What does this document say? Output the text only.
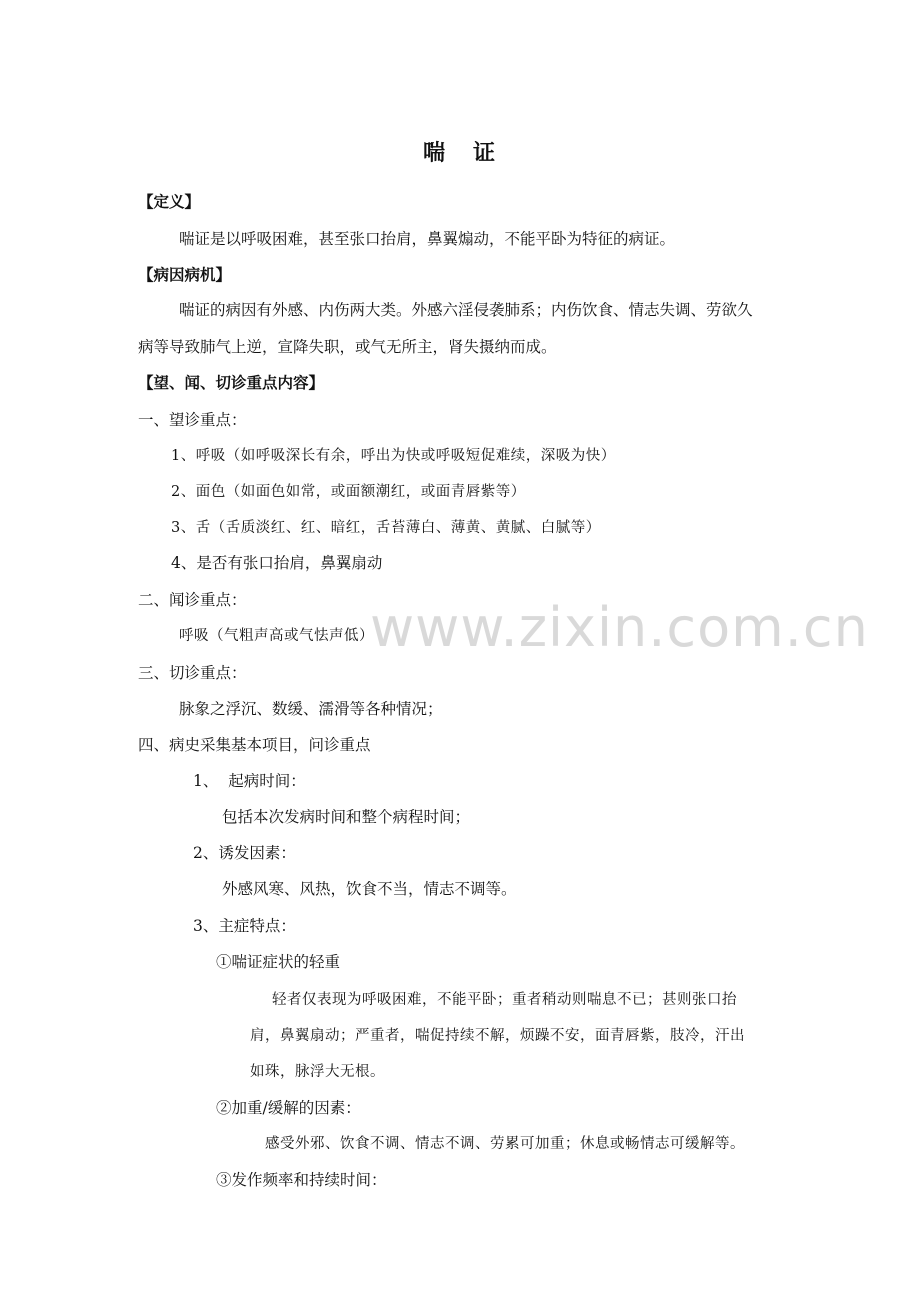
喘 证
【定义】
喘证是以呼吸困难，甚至张口抬肩，鼻翼煽动，不能平卧为特征的病证。
【病因病机】
喘证的病因有外感、内伤两大类。外感六淫侵袭肺系；内伤饮食、情志失调、劳欲久
病等导致肺气上逆，宣降失职，或气无所主，肾失摄纳而成。
【望、闻、切诊重点内容】
一、望诊重点：
1、呼吸（如呼吸深长有余，呼出为快或呼吸短促难续，深吸为快）
2、面色（如面色如常，或面额潮红，或面青唇紫等）
3、舌（舌质淡红、红、暗红，舌苔薄白、薄黄、黄腻、白腻等）
4、是否有张口抬肩，鼻翼扇动
二、闻诊重点：
呼吸（气粗声高或气怯声低）
三、切诊重点：
脉象之浮沉、数缓、濡滑等各种情况；
四、病史采集基本项目，问诊重点
1、  起病时间：
包括本次发病时间和整个病程时间；
2、诱发因素：
外感风寒、风热，饮食不当，情志不调等。
3、主症特点：
①喘证症状的轻重
轻者仅表现为呼吸困难，不能平卧；重者稍动则喘息不已；甚则张口抬
肩，鼻翼扇动；严重者，喘促持续不解，烦躁不安，面青唇紫，肢冷，汗出
如珠，脉浮大无根。
②加重/缓解的因素：
感受外邪、饮食不调、情志不调、劳累可加重；休息或畅情志可缓解等。
③发作频率和持续时间：
www.zixin.com.cn
